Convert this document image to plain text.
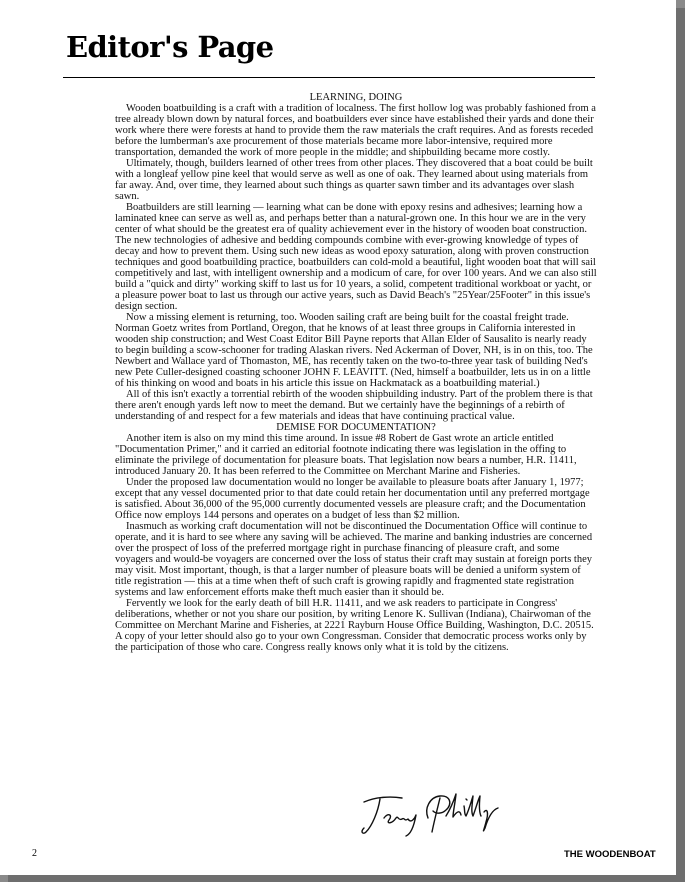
Editor's Page

LEARNING, DOING

Wooden boatbuilding is a craft with a tradition of localness. The first hollow log was probably fashioned from a tree already blown down by natural forces, and boatbuilders ever since have established their yards and done their work where there were forests at hand to provide them the raw materials the craft requires. And as forests receded before the lumberman's axe procurement of those materials became more labor-intensive, required more transportation, demanded the work of more people in the middle; and shipbuilding became more costly.

Ultimately, though, builders learned of other trees from other places. They discovered that a boat could be built with a longleaf yellow pine keel that would serve as well as one of oak. They learned about using materials from far away. And, over time, they learned about such things as quarter sawn timber and its advantages over slash sawn.

Boatbuilders are still learning — learning what can be done with epoxy resins and adhesives; learning how a laminated knee can serve as well as, and perhaps better than a natural-grown one. In this hour we are in the very center of what should be the greatest era of quality achievement ever in the history of wooden boat construction. The new technologies of adhesive and bedding compounds combine with ever-growing knowledge of types of decay and how to prevent them. Using such new ideas as wood epoxy saturation, along with proven construction techniques and good boatbuilding practice, boatbuilders can cold-mold a beautiful, light wooden boat that will sail competitively and last, with intelligent ownership and a modicum of care, for over 100 years. And we can also still build a "quick and dirty" working skiff to last us for 10 years, a solid, competent traditional workboat or yacht, or a pleasure power boat to last us through our active years, such as David Beach's "25Year/25Footer" in this issue's design section.

Now a missing element is returning, too. Wooden sailing craft are being built for the coastal freight trade. Norman Goetz writes from Portland, Oregon, that he knows of at least three groups in California interested in wooden ship construction; and West Coast Editor Bill Payne reports that Allan Elder of Sausalito is nearly ready to begin building a scow-schooner for trading Alaskan rivers. Ned Ackerman of Dover, NH, is in on this, too. The Newbert and Wallace yard of Thomaston, ME, has recently taken on the two-to-three year task of building Ned's new Pete Culler-designed coasting schooner JOHN F. LEAVITT. (Ned, himself a boatbuilder, lets us in on a little of his thinking on wood and boats in his article this issue on Hackmatack as a boatbuilding material.)

All of this isn't exactly a torrential rebirth of the wooden shipbuilding industry. Part of the problem there is that there aren't enough yards left now to meet the demand. But we certainly have the beginnings of a rebirth of understanding of and respect for a few materials and ideas that have continuing practical value.

DEMISE FOR DOCUMENTATION?

Another item is also on my mind this time around. In issue #8 Robert de Gast wrote an article entitled "Documentation Primer," and it carried an editorial footnote indicating there was legislation in the offing to eliminate the privilege of documentation for pleasure boats. That legislation now bears a number, H.R. 11411, introduced January 20. It has been referred to the Committee on Merchant Marine and Fisheries.

Under the proposed law documentation would no longer be available to pleasure boats after January 1, 1977; except that any vessel documented prior to that date could retain her documentation until any preferred mortgage is satisfied. About 36,000 of the 95,000 currently documented vessels are pleasure craft; and the Documentation Office now employs 144 persons and operates on a budget of less than $2 million.

Inasmuch as working craft documentation will not be discontinued the Documentation Office will continue to operate, and it is hard to see where any saving will be achieved. The marine and banking industries are concerned over the prospect of loss of the preferred mortgage right in purchase financing of pleasure craft, and some voyagers and would-be voyagers are concerned over the loss of status their craft may sustain at foreign ports they may visit. Most important, though, is that a larger number of pleasure boats will be denied a uniform system of title registration — this at a time when theft of such craft is growing rapidly and fragmented state registration systems and law enforcement efforts make theft much easier than it should be.

Fervently we look for the early death of bill H.R. 11411, and we ask readers to participate in Congress' deliberations, whether or not you share our position, by writing Lenore K. Sullivan (Indiana), Chairwoman of the Committee on Merchant Marine and Fisheries, at 2221 Rayburn House Office Building, Washington, D.C. 20515. A copy of your letter should also go to your own Congressman. Consider that democratic process works only by the participation of those who care. Congress really knows only what it is told by the citizens.

2	THE WOODENBOAT
